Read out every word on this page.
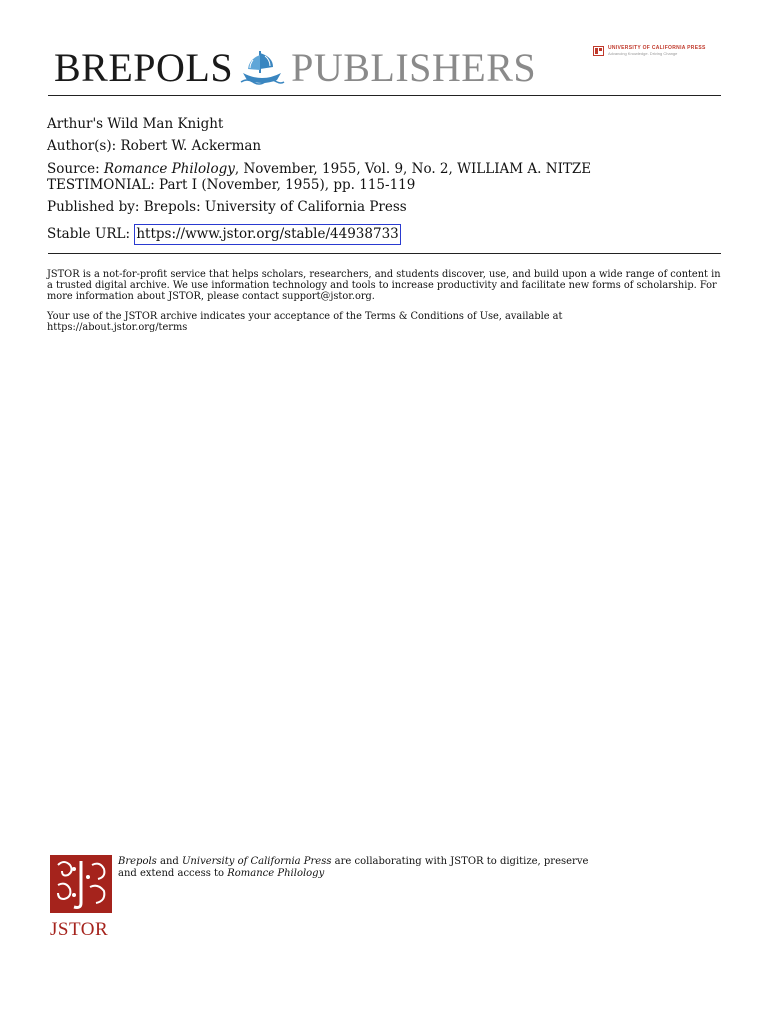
BREPOLS PUBLISHERS	UNIVERSITY OF CALIFORNIA PRESS
Advancing Knowledge. Driving Change
Arthur's Wild Man Knight
Author(s): Robert W. Ackerman
Source: Romance Philology, November, 1955, Vol. 9, No. 2, WILLIAM A. NITZE
TESTIMONIAL: Part I (November, 1955), pp. 115-119
Published by: Brepols: University of California Press
Stable URL: https://www.jstor.org/stable/44938733
JSTOR is a not-for-profit service that helps scholars, researchers, and students discover, use, and build upon a wide range of content in a trusted digital archive. We use information technology and tools to increase productivity and facilitate new forms of scholarship. For more information about JSTOR, please contact support@jstor.org.
Your use of the JSTOR archive indicates your acceptance of the Terms & Conditions of Use, available at
https://about.jstor.org/terms
JSTOR
Brepols and University of California Press are collaborating with JSTOR to digitize, preserve
and extend access to Romance Philology
